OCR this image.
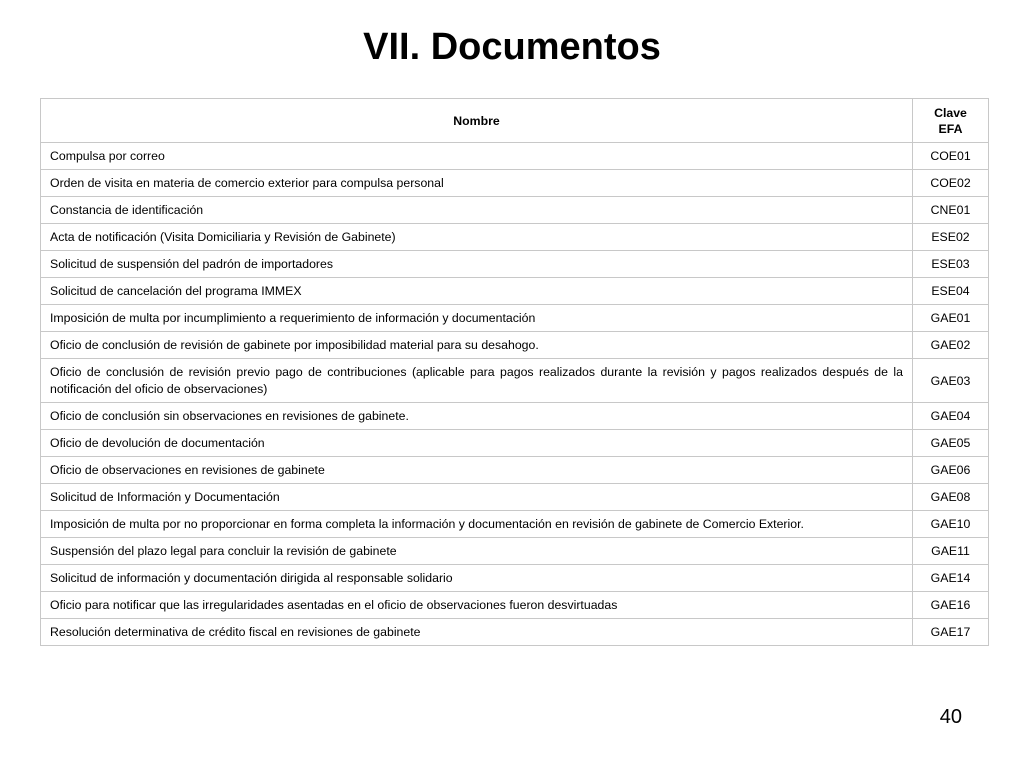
VII. Documentos
Nombre	Clave
EFA
Compulsa por correo	COE01
Orden de visita en materia de comercio exterior para compulsa personal	COE02
Constancia de identificación	CNE01
Acta de notificación (Visita Domiciliaria y Revisión de Gabinete)	ESE02
Solicitud de suspensión del padrón de importadores	ESE03
Solicitud de cancelación del programa IMMEX	ESE04
Imposición de multa por incumplimiento a requerimiento de información y documentación	GAE01
Oficio de conclusión de revisión de gabinete por imposibilidad material para su desahogo.	GAE02
Oficio de conclusión de revisión previo pago de contribuciones (aplicable para pagos realizados durante la revisión y pagos realizados después de la notificación del oficio de observaciones)	GAE03
Oficio de conclusión sin observaciones en revisiones de gabinete.	GAE04
Oficio de devolución de documentación	GAE05
Oficio de observaciones en revisiones de gabinete	GAE06
Solicitud de Información y Documentación	GAE08
Imposición de multa por no proporcionar en forma completa la información y documentación en revisión de gabinete de Comercio Exterior.	GAE10
Suspensión del plazo legal para concluir la revisión de gabinete	GAE11
Solicitud de información y documentación dirigida al responsable solidario	GAE14
Oficio para notificar que las irregularidades asentadas en el oficio de observaciones fueron desvirtuadas	GAE16
Resolución determinativa de crédito fiscal en revisiones de gabinete	GAE17
40
